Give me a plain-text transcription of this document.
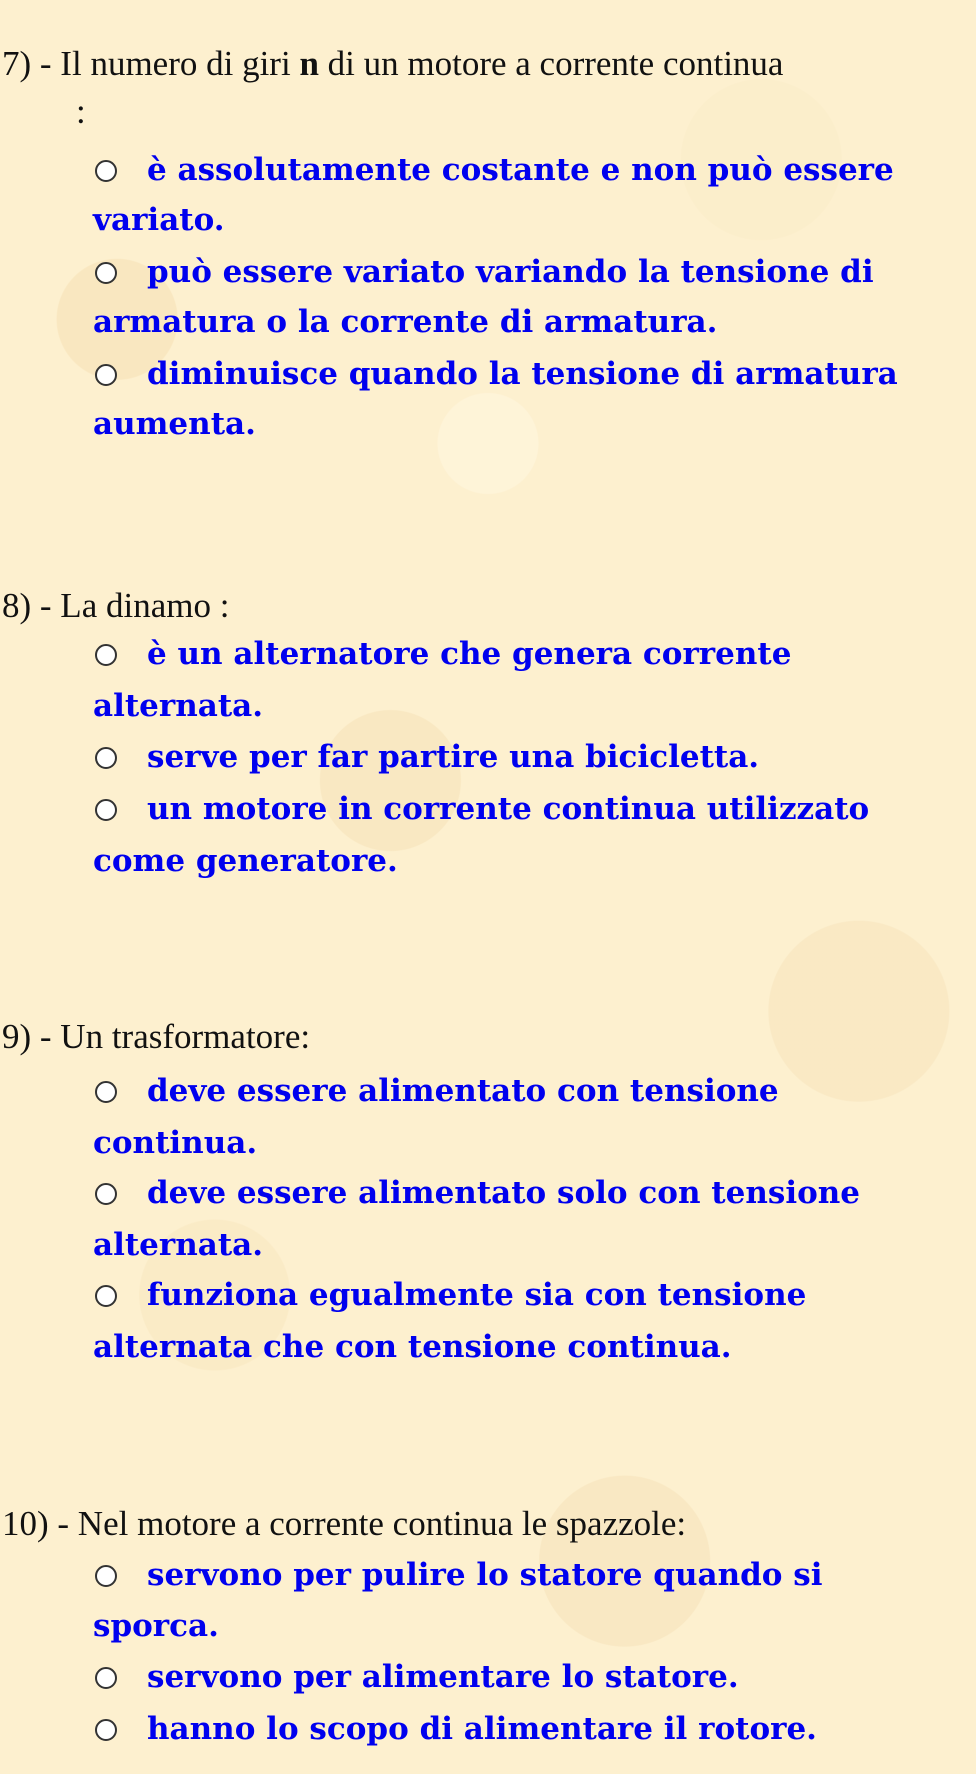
7) - Il numero di giri n di un motore a corrente continua
:
è assolutamente costante e non può essere
variato.
può essere variato variando la tensione di
armatura o la corrente di armatura.
diminuisce quando la tensione di armatura
aumenta.
8) - La dinamo :
è un alternatore che genera corrente
alternata.
serve per far partire una bicicletta.
un motore in corrente continua utilizzato
come generatore.
9) - Un trasformatore:
deve essere alimentato con tensione
continua.
deve essere alimentato solo con tensione
alternata.
funziona egualmente sia con tensione
alternata che con tensione continua.
10) - Nel motore a corrente continua le spazzole:
servono per pulire lo statore quando si
sporca.
servono per alimentare lo statore.
hanno lo scopo di alimentare il rotore.
